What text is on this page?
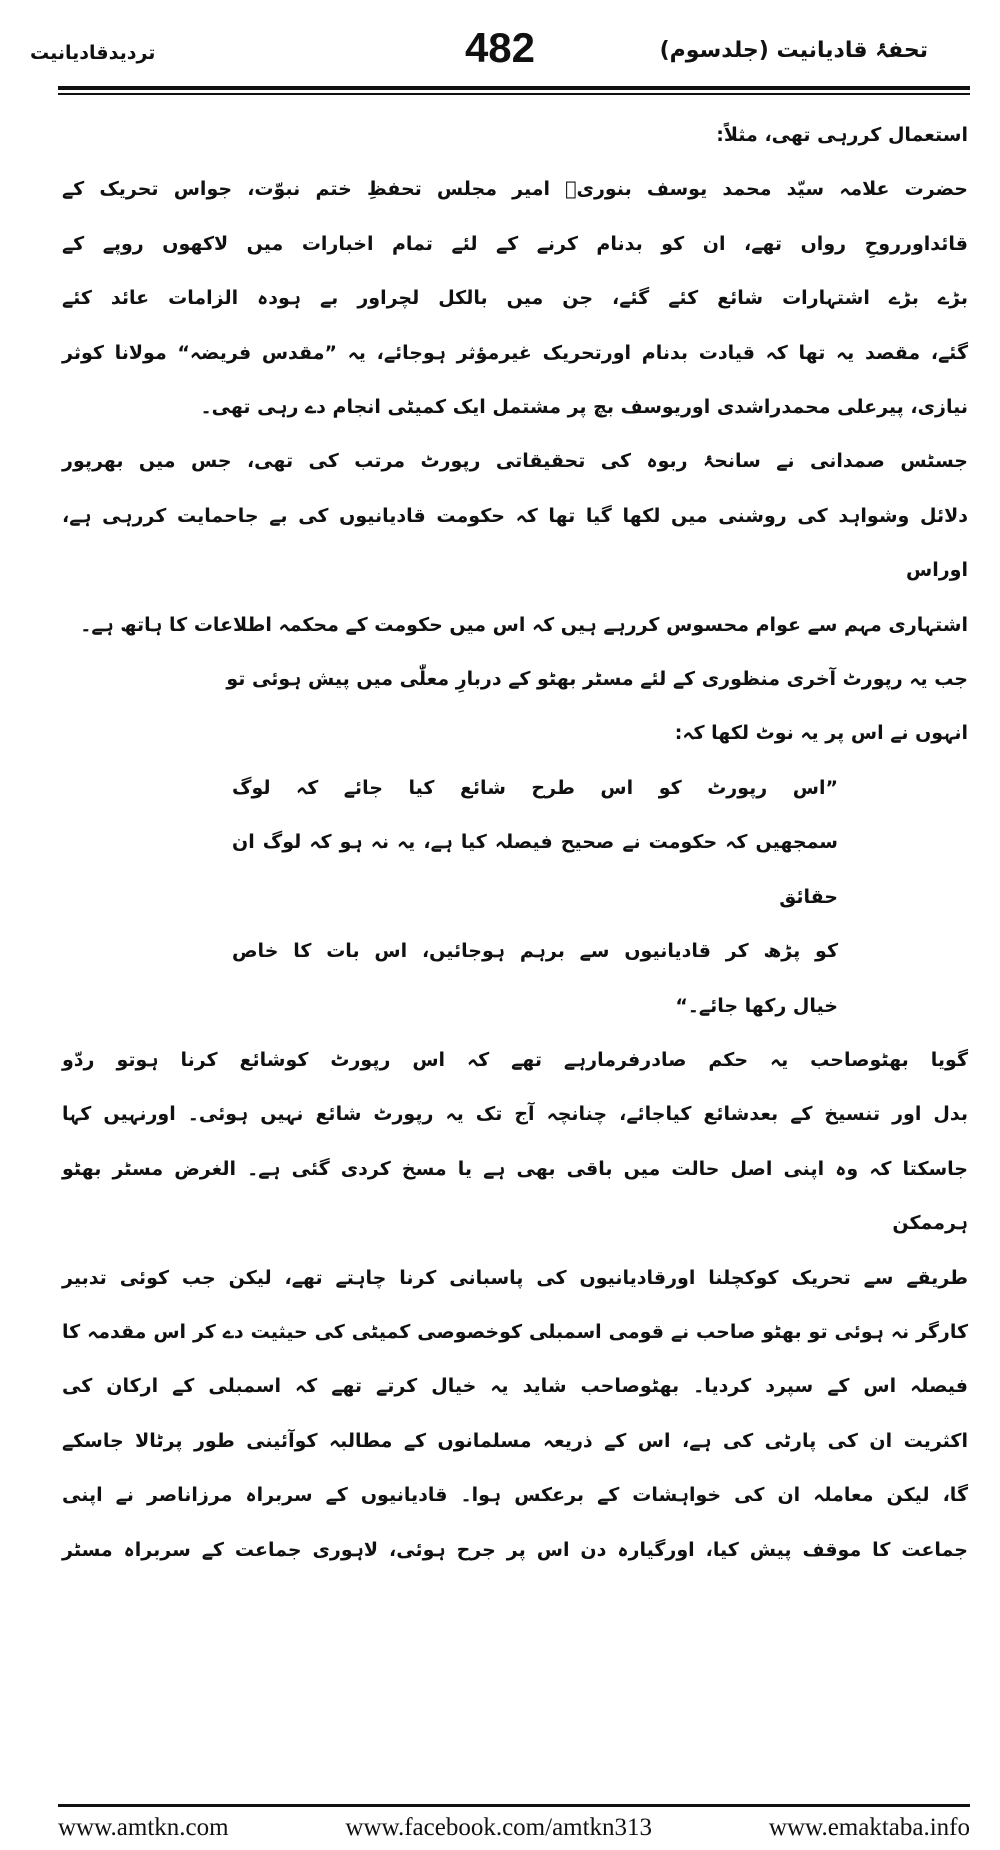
تحفۂ قادیانیت (جلدسوم)
482
تردیدقادیانیت
استعمال کررہی تھی، مثلاً:
حضرت علامہ سیّد محمد یوسف بنوریؒ امیر مجلس تحفظِ ختم نبوّت، جواس تحریک کے
قائداورروحِ رواں تھے، ان کو بدنام کرنے کے لئے تمام اخبارات میں لاکھوں روپے کے
بڑے بڑے اشتہارات شائع کئے گئے، جن میں بالکل لچراور بے ہودہ الزامات عائد کئے
گئے، مقصد یہ تھا کہ قیادت بدنام اورتحریک غیرمؤثر ہوجائے، یہ ”مقدس فریضہ“ مولانا کوثر
نیازی، پیرعلی محمدراشدی اوریوسف بچ پر مشتمل ایک کمیٹی انجام دے رہی تھی۔
جسٹس صمدانی نے سانحۂ ربوہ کی تحقیقاتی رپورٹ مرتب کی تھی، جس میں بھرپور
دلائل وشواہد کی روشنی میں لکھا گیا تھا کہ حکومت قادیانیوں کی بے جاحمایت کررہی ہے، اوراس
اشتہاری مہم سے عوام محسوس کررہے ہیں کہ اس میں حکومت کے محکمہ اطلاعات کا ہاتھ ہے۔
جب یہ رپورٹ آخری منظوری کے لئے مسٹر بھٹو کے دربارِ معلّٰی میں پیش ہوئی تو
انہوں نے اس پر یہ نوٹ لکھا کہ:
”اس رپورٹ کو اس طرح شائع کیا جائے کہ لوگ
سمجھیں کہ حکومت نے صحیح فیصلہ کیا ہے، یہ نہ ہو کہ لوگ ان حقائق
کو پڑھ کر قادیانیوں سے برہم ہوجائیں، اس بات کا خاص
خیال رکھا جائے۔“
گویا بھٹوصاحب یہ حکم صادرفرمارہے تھے کہ اس رپورٹ کوشائع کرنا ہوتو ردّو
بدل اور تنسیخ کے بعدشائع کیاجائے، چنانچہ آج تک یہ رپورٹ شائع نہیں ہوئی۔ اورنہیں کہا
جاسکتا کہ وہ اپنی اصل حالت میں باقی بھی ہے یا مسخ کردی گئی ہے۔ الغرض مسٹر بھٹو ہرممکن
طریقے سے تحریک کوکچلنا اورقادیانیوں کی پاسبانی کرنا چاہتے تھے، لیکن جب کوئی تدبیر
کارگر نہ ہوئی تو بھٹو صاحب نے قومی اسمبلی کوخصوصی کمیٹی کی حیثیت دے کر اس مقدمہ کا
فیصلہ اس کے سپرد کردیا۔ بھٹوصاحب شاید یہ خیال کرتے تھے کہ اسمبلی کے ارکان کی
اکثریت ان کی پارٹی کی ہے، اس کے ذریعہ مسلمانوں کے مطالبہ کوآئینی طور پرٹالا جاسکے
گا، لیکن معاملہ ان کی خواہشات کے برعکس ہوا۔ قادیانیوں کے سربراہ مرزاناصر نے اپنی
جماعت کا موقف پیش کیا، اورگیارہ دن اس پر جرح ہوئی، لاہوری جماعت کے سربراہ مسٹر
www.amtkn.com	www.facebook.com/amtkn313	www.emaktaba.info
